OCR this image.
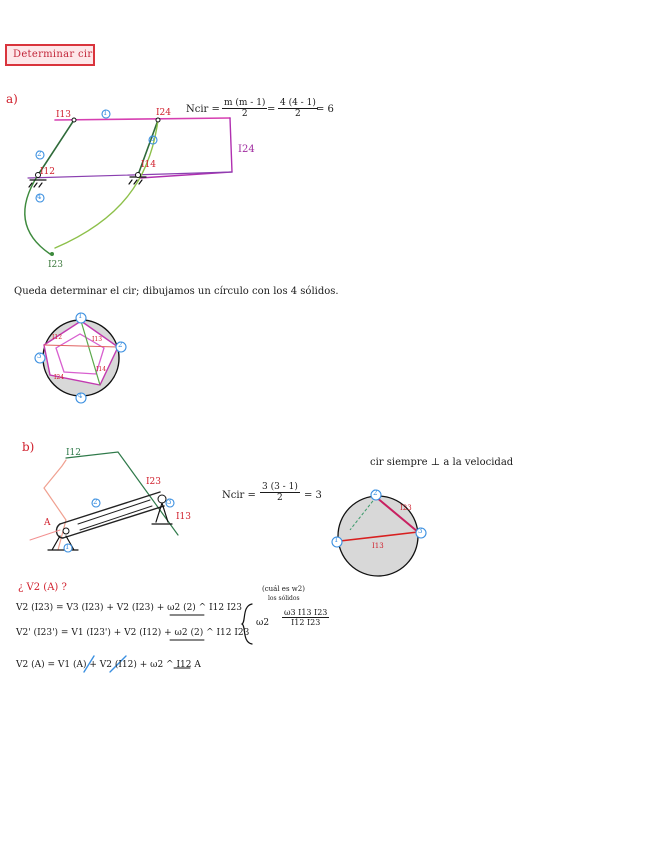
Determinar cir
a)
I13	I24
I12
I14
I24
I23
1
2
3
4
Ncir = $\frac{m (m - 1)}{2} = \frac{4 (4 - 1)}{2}$
= 6
Queda determinar el cir; dibujamos un círculo con los 4 sólidos.
1
2
4
3
I12	I13
I14
I24
b)	I12
I23
I13
A
2	3
1
Ncir = $\frac{3 (3 - 1)}{2} = 3$
cir siempre ⊥ a la velocidad
2
3
1
I23
I13
¿ V2 (A) ?
V2 (I23) = V3 (I23) + V2 (I23) + ω2 (2) ^ I12 I23
V2' (I23') = V1 (I23') + V2 (I12) + ω2 (2) ^ I12 I23
(cuál es w2)
los sólidos
$\omega 2 \frac{\omega 3 I13 I23}{I12 I23}$
V2 (A) = V1 (A) + V2 (I12) + ω2 ^ I12 A
